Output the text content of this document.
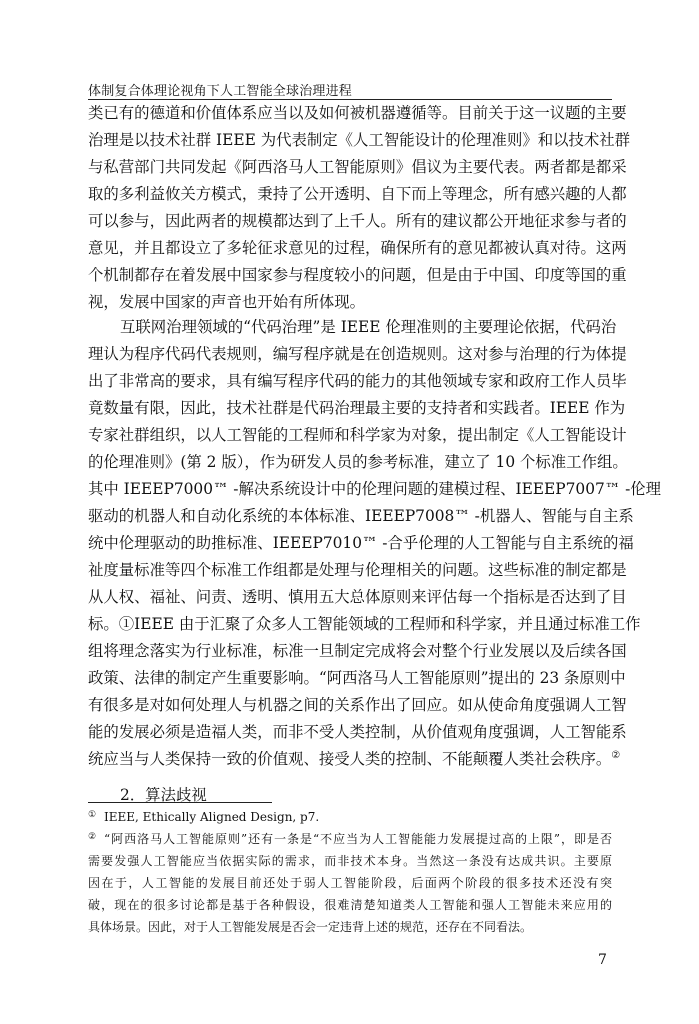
体制复合体理论视角下人工智能全球治理进程
类已有的德道和价值体系应当以及如何被机器遵循等。目前关于这一议题的主要
治理是以技术社群 IEEE 为代表制定《人工智能设计的伦理准则》和以技术社群
与私营部门共同发起《阿西洛马人工智能原则》倡议为主要代表。两者都是都采
取的多利益攸关方模式，秉持了公开透明、自下而上等理念，所有感兴趣的人都
可以参与，因此两者的规模都达到了上千人。所有的建议都公开地征求参与者的
意见，并且都设立了多轮征求意见的过程，确保所有的意见都被认真对待。这两
个机制都存在着发展中国家参与程度较小的问题，但是由于中国、印度等国的重
视，发展中国家的声音也开始有所体现。
互联网治理领域的“代码治理”是 IEEE 伦理准则的主要理论依据，代码治
理认为程序代码代表规则，编写程序就是在创造规则。这对参与治理的行为体提
出了非常高的要求，具有编写程序代码的能力的其他领域专家和政府工作人员毕
竟数量有限，因此，技术社群是代码治理最主要的支持者和实践者。IEEE 作为
专家社群组织，以人工智能的工程师和科学家为对象，提出制定《人工智能设计
的伦理准则》(第 2 版），作为研发人员的参考标准，建立了 10 个标准工作组。
其中 IEEEP7000™ -解决系统设计中的伦理问题的建模过程、IEEEP7007™ -伦理
驱动的机器人和自动化系统的本体标准、IEEEP7008™ -机器人、智能与自主系
统中伦理驱动的助推标准、IEEEP7010™ -合乎伦理的人工智能与自主系统的福
祉度量标准等四个标准工作组都是处理与伦理相关的问题。这些标准的制定都是
从人权、福祉、问责、透明、慎用五大总体原则来评估每一个指标是否达到了目
标。①IEEE 由于汇聚了众多人工智能领域的工程师和科学家，并且通过标准工作
组将理念落实为行业标准，标准一旦制定完成将会对整个行业发展以及后续各国
政策、法律的制定产生重要影响。“阿西洛马人工智能原则”提出的 23 条原则中
有很多是对如何处理人与机器之间的关系作出了回应。如从使命角度强调人工智
能的发展必须是造福人类，而非不受人类控制，从价值观角度强调，人工智能系
统应当与人类保持一致的价值观、接受人类的控制、不能颠覆人类社会秩序。②
2．算法歧视
① IEEE, Ethically Aligned Design, p7.
② “阿西洛马人工智能原则”还有一条是“不应当为人工智能能力发展提过高的上限”，即是否
需要发强人工智能应当依据实际的需求，而非技术本身。当然这一条没有达成共识。主要原
因在于，人工智能的发展目前还处于弱人工智能阶段，后面两个阶段的很多技术还没有突
破，现在的很多讨论都是基于各种假设，很难清楚知道类人工智能和强人工智能未来应用的
具体场景。因此，对于人工智能发展是否会一定违背上述的规范，还存在不同看法。
7
